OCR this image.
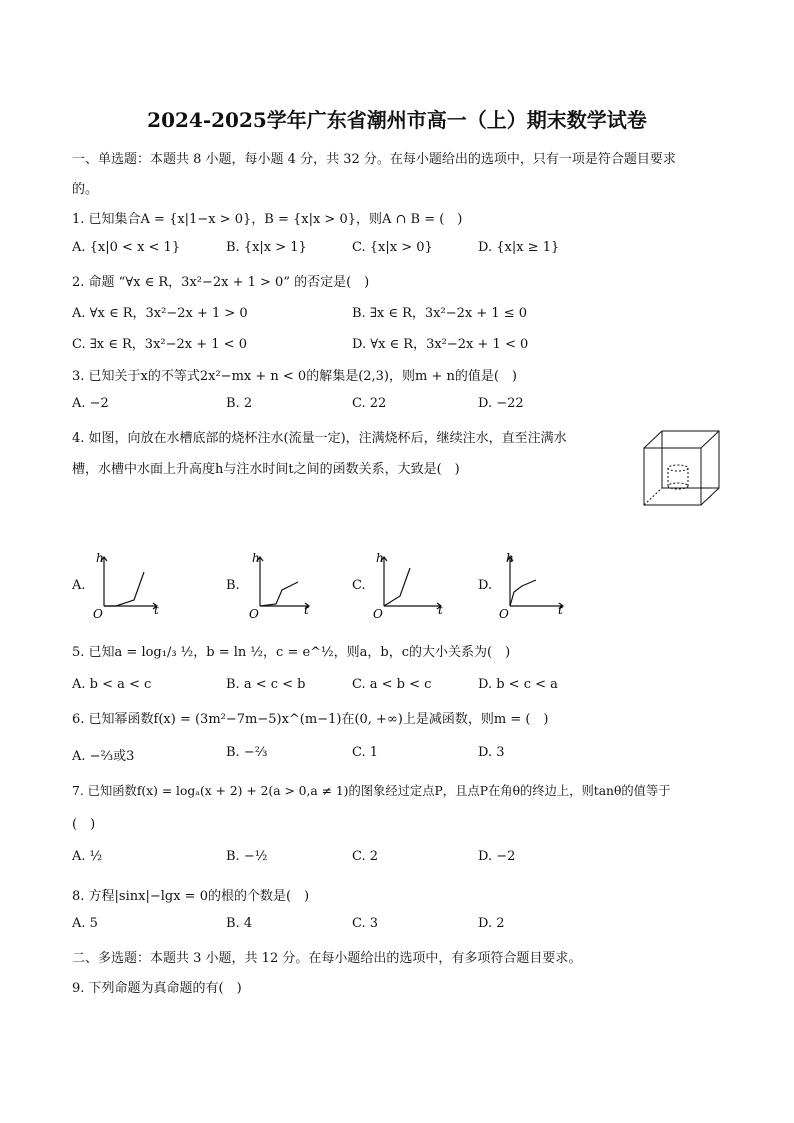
2024-2025学年广东省潮州市高一（上）期末数学试卷
一、单选题：本题共 8 小题，每小题 4 分，共 32 分。在每小题给出的选项中，只有一项是符合题目要求
的。
1. 已知集合A = {x|1−x > 0}，B = {x|x > 0}，则A ∩ B = (　)
A. {x|0 < x < 1}	B. {x|x > 1}	C. {x|x > 0}	D. {x|x ≥ 1}
2. 命题 “∀x ∈ R，3x²−2x + 1 > 0” 的否定是(　)
A. ∀x ∈ R，3x²−2x + 1 > 0	B. ∃x ∈ R，3x²−2x + 1 ≤ 0
C. ∃x ∈ R，3x²−2x + 1 < 0	D. ∀x ∈ R，3x²−2x + 1 < 0
3. 已知关于x的不等式2x²−mx + n < 0的解集是(2,3)，则m + n的值是(　)
A. −2	B. 2	C. 22	D. −22
4. 如图，向放在水槽底部的烧杯注水(流量一定)，注满烧杯后，继续注水，直至注满水
槽，水槽中水面上升高度h与注水时间t之间的函数关系，大致是(　)
A.
h
t
O
B.
h
t
O
C.
h
t
O
D.
h
t
O
5. 已知a = log₁/₃ ½，b = ln ½，c = e^½，则a，b，c的大小关系为(　)
A. b < a < c	B. a < c < b	C. a < b < c	D. b < c < a
6. 已知幂函数f(x) = (3m²−7m−5)x^(m−1)在(0, +∞)上是减函数，则m = (　)
A. −⅔或3	B. −⅔	C. 1	D. 3
7. 已知函数f(x) = logₐ(x + 2) + 2(a > 0,a ≠ 1)的图象经过定点P，且点P在角θ的终边上，则tanθ的值等于
(　)
A. ½	B. −½	C. 2	D. −2
8. 方程|sinx|−lgx = 0的根的个数是(　)
A. 5	B. 4	C. 3	D. 2
二、多选题：本题共 3 小题，共 12 分。在每小题给出的选项中，有多项符合题目要求。
9. 下列命题为真命题的有(　)
